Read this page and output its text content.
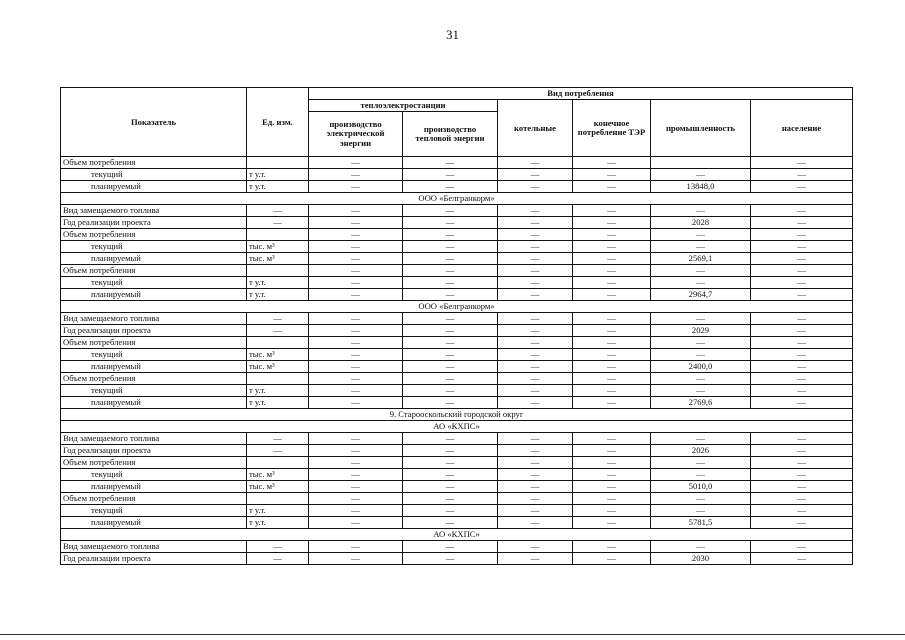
31
Показатель	Ед. изм.	Вид потребления					
		теплоэлектростанции		котельные	конечное потребление ТЭР	промышленность	население
		производство электрической энергии	производство тепловой энергии				
Объем потребления		—	—	—	—		—
текущий	т у.т.	—	—	—	—	—	—
планируемый	т у.т.	—	—	—	—	13848,0	—
ООО «Белгранкорм»							
Вид замещаемого топлива	—	—	—	—	—	—	—
Год реализации проекта	—	—	—	—	—	2028	—
Объем потребления		—	—	—	—	—	—
текущий	тыс. м³	—	—	—	—	—	—
планируемый	тыс. м³	—	—	—	—	2569,1	—
Объем потребления		—	—	—	—	—	—
текущий	т у.т.	—	—	—	—	—	—
планируемый	т у.т.	—	—	—	—	2964,7	—
ООО «Белгранкорм»							
Вид замещаемого топлива	—	—	—	—	—	—	—
Год реализации проекта	—	—	—	—	—	2029	—
Объем потребления		—	—	—	—	—	—
текущий	тыс. м³	—	—	—	—	—	—
планируемый	тыс. м³	—	—	—	—	2400,0	—
Объем потребления		—	—	—	—	—	—
текущий	т у.т.	—	—	—	—	—	—
планируемый	т у.т.	—	—	—	—	2769,6	—
9. Старооскольский городской округ							
АО «КХПС»							
Вид замещаемого топлива	—	—	—	—	—	—	—
Год реализации проекта	—	—	—	—	—	2026	—
Объем потребления		—	—	—	—	—	—
текущий	тыс. м³	—	—	—	—	—	—
планируемый	тыс. м³	—	—	—	—	5010,0	—
Объем потребления		—	—	—	—	—	—
текущий	т у.т.	—	—	—	—	—	—
планируемый	т у.т.	—	—	—	—	5781,5	—
АО «КХПС»							
Вид замещаемого топлива	—	—	—	—	—	—	—
Год реализации проекта	—	—	—	—	—	2030	—
